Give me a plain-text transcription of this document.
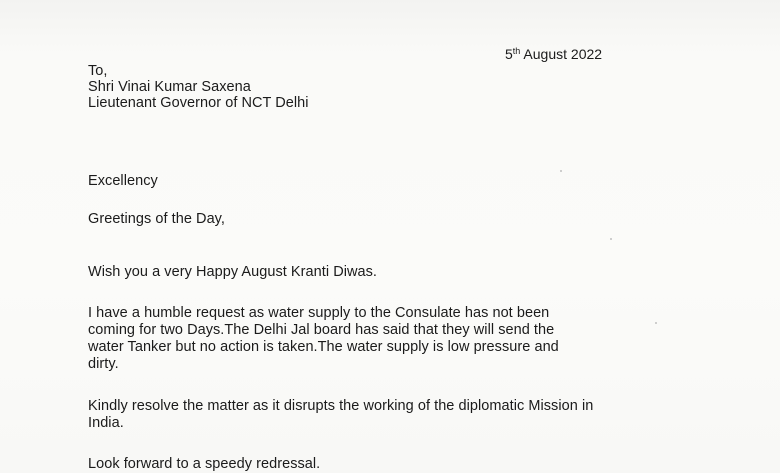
5th August 2022
To,
Shri Vinai Kumar Saxena
Lieutenant Governor of NCT Delhi
Excellency
Greetings of the Day,
Wish you a very Happy August Kranti Diwas.
I have a humble request as water supply to the Consulate has not been
coming for two Days.The Delhi Jal board has said that they will send the
water Tanker but no action is taken.The water supply is low pressure and
dirty.
Kindly resolve the matter as it disrupts the working of the diplomatic Mission in
India.
Look forward to a speedy redressal.
